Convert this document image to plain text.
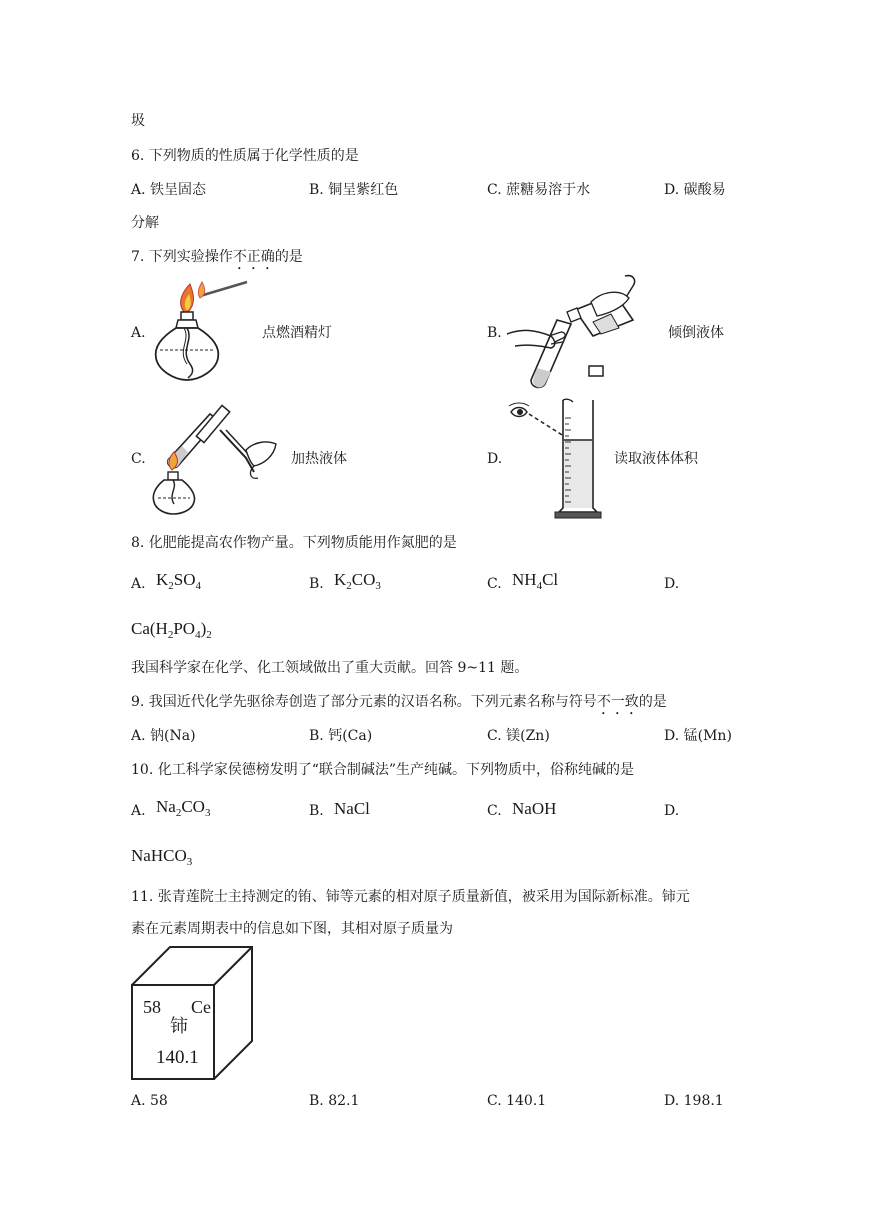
圾
6. 下列物质的性质属于化学性质的是
A. 铁呈固态	B. 铜呈紫红色	C. 蔗糖易溶于水	D. 碳酸易
分解
7. 下列实验操作不正确的是
A.	点燃酒精灯	B.	倾倒液体
C.	加热液体	D.	读取液体体积
8. 化肥能提高农作物产量。下列物质能用作氮肥的是
A. $K_2SO_4$	B. $K_2CO_3$	C. $NH_4Cl$	D.
$Ca(H_2PO_4)_2$
我国科学家在化学、化工领域做出了重大贡献。回答 9~11 题。
9. 我国近代化学先驱徐寿创造了部分元素的汉语名称。下列元素名称与符号不一致的是
A. 钠(Na)	B. 钙(Ca)	C. 镁(Zn)	D. 锰(Mn)
10. 化工科学家侯德榜发明了“联合制碱法”生产纯碱。下列物质中，俗称纯碱的是
A. $Na_2CO_3$	B. NaCl	C. NaOH	D.
NaHCO$_3$
11. 张青莲院士主持测定的铕、铈等元素的相对原子质量新值，被采用为国际新标准。铈元
素在元素周期表中的信息如下图，其相对原子质量为
58 Ce
铈
140.1
A. 58	B. 82.1	C. 140.1	D. 198.1
